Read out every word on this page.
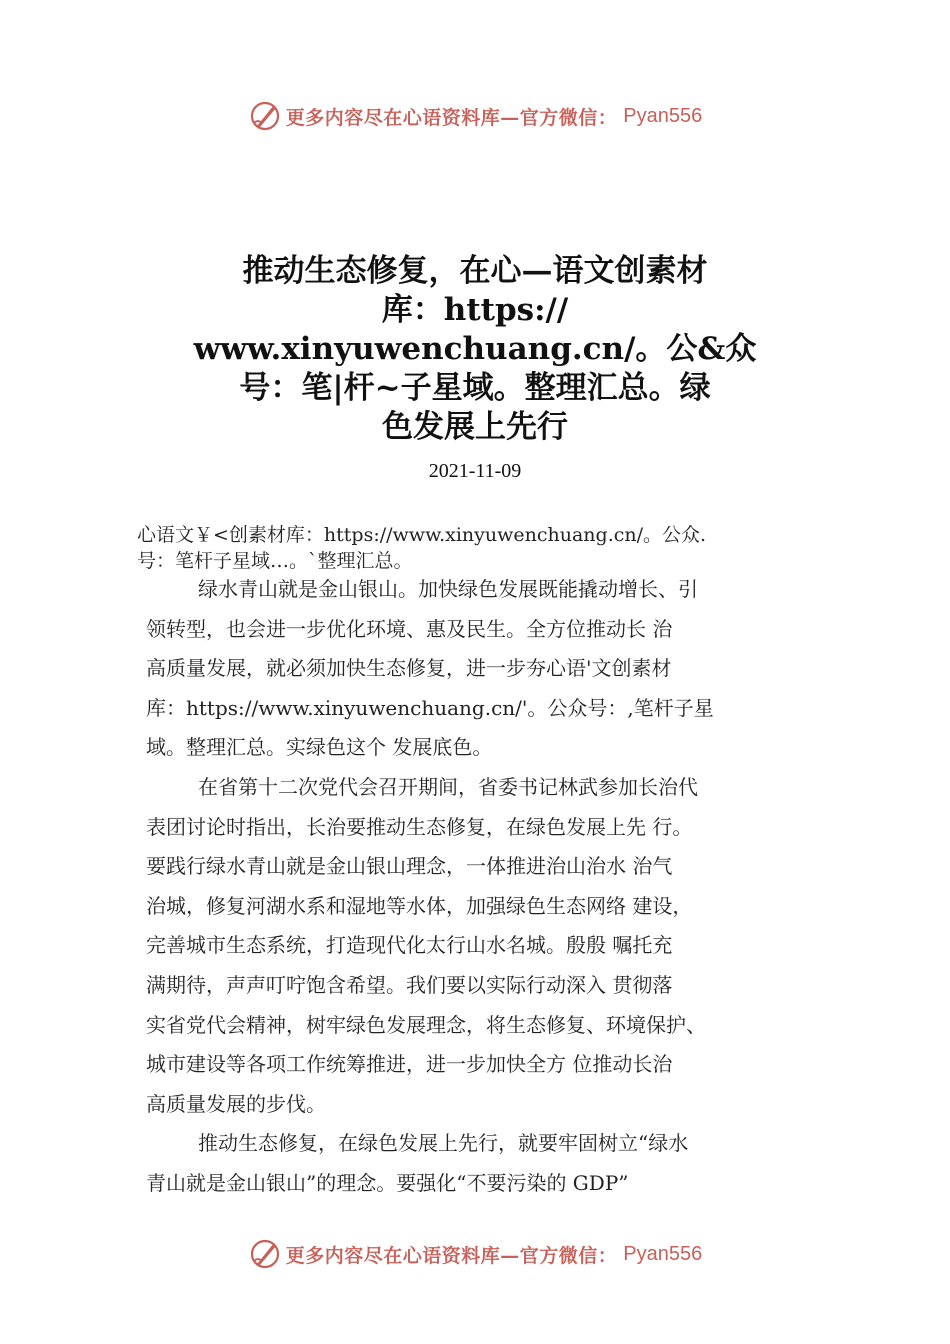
更多内容尽在心语资料库—官方微信： Pyan556
推动生态修复，在心—语文创素材
库：https://
www.xinyuwenchuang.cn/。公&众
号：笔|杆~子星域。整理汇总。绿
色发展上先行
2021-11-09
心语文￥<创素材库：https://www.xinyuwenchuang.cn/。公众.
号：笔杆子星域…。`整理汇总。
绿水青山就是金山银山。加快绿色发展既能撬动增长、引
领转型，也会进一步优化环境、惠及民生。全方位推动长 治
高质量发展，就必须加快生态修复，进一步夯心语'文创素材
库：https://www.xinyuwenchuang.cn/'。公众号：,笔杆子星
域。整理汇总。实绿色这个 发展底色。
在省第十二次党代会召开期间，省委书记林武参加长治代
表团讨论时指出，长治要推动生态修复，在绿色发展上先 行。
要践行绿水青山就是金山银山理念，一体推进治山治水 治气
治城，修复河湖水系和湿地等水体，加强绿色生态网络 建设，
完善城市生态系统，打造现代化太行山水名城。殷殷 嘱托充
满期待，声声叮咛饱含希望。我们要以实际行动深入 贯彻落
实省党代会精神，树牢绿色发展理念，将生态修复、环境保护、
城市建设等各项工作统筹推进，进一步加快全方 位推动长治
高质量发展的步伐。
推动生态修复，在绿色发展上先行，就要牢固树立“绿水
青山就是金山银山”的理念。要强化“不要污染的 GDP”
更多内容尽在心语资料库—官方微信： Pyan556
